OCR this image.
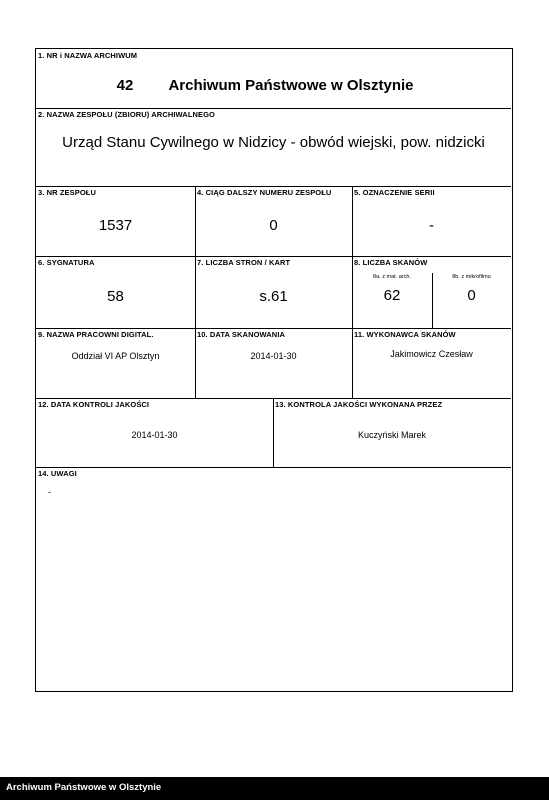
1. NR i NAZWA ARCHIWUM
42	Archiwum Państwowe w Olsztynie
2. NAZWA ZESPOŁU (ZBIORU) ARCHIWALNEGO
Urząd Stanu Cywilnego w Nidzicy - obwód wiejski, pow. nidzicki
3. NR ZESPOŁU
1537
4. CIĄG DALSZY NUMERU ZESPOŁU
0
5. OZNACZENIE SERII
-
6. SYGNATURA
58
7. LICZBA STRON / KART
s.61
8. LICZBA SKANÓW
8a. z mat. arch.	8b. z mikrofilmu
62	0
9. NAZWA PRACOWNI DIGITAL.
Oddział VI AP Olsztyn
10. DATA SKANOWANIA
2014-01-30
11. WYKONAWCA SKANÓW
Jakimowicz Czesław
12. DATA KONTROLI JAKOŚCI
2014-01-30
13. KONTROLA JAKOŚCI WYKONANA PRZEZ
Kuczyński Marek
14. UWAGI
-
Archiwum Państwowe w Olsztynie
